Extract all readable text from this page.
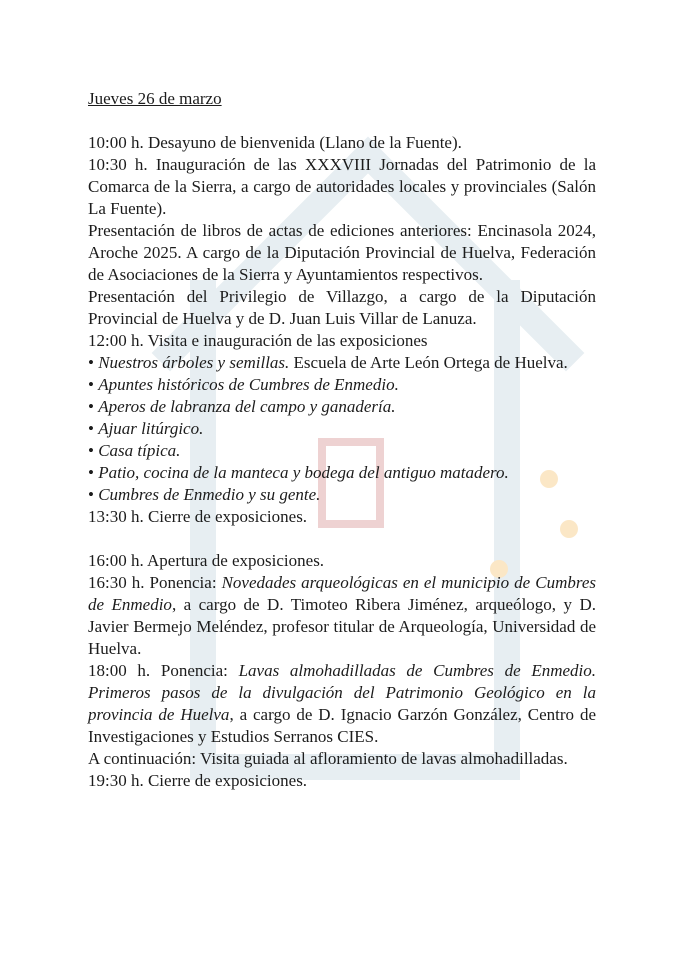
Jueves 26 de marzo
10:00 h. Desayuno de bienvenida (Llano de la Fuente).
10:30 h. Inauguración de las XXXVIII Jornadas del Patrimonio de la Comarca de la Sierra, a cargo de autoridades locales y provinciales (Salón La Fuente).
Presentación de libros de actas de ediciones anteriores: Encinasola 2024, Aroche 2025. A cargo de la Diputación Provincial de Huelva, Federación de Asociaciones de la Sierra y Ayuntamientos respectivos.
Presentación del Privilegio de Villazgo, a cargo de la Diputación Provincial de Huelva y de D. Juan Luis Villar de Lanuza.
12:00 h. Visita e inauguración de las exposiciones
• Nuestros árboles y semillas. Escuela de Arte León Ortega de Huelva.
• Apuntes históricos de Cumbres de Enmedio.
• Aperos de labranza del campo y ganadería.
• Ajuar litúrgico.
• Casa típica.
• Patio, cocina de la manteca y bodega del antiguo matadero.
• Cumbres de Enmedio y su gente.
13:30 h. Cierre de exposiciones.
16:00 h. Apertura de exposiciones.
16:30 h. Ponencia: Novedades arqueológicas en el municipio de Cumbres de Enmedio, a cargo de D. Timoteo Ribera Jiménez, arqueólogo, y D. Javier Bermejo Meléndez, profesor titular de Arqueología, Universidad de Huelva.
18:00 h. Ponencia: Lavas almohadilladas de Cumbres de Enmedio. Primeros pasos de la divulgación del Patrimonio Geológico en la provincia de Huelva, a cargo de D. Ignacio Garzón González, Centro de Investigaciones y Estudios Serranos CIES.
A continuación: Visita guiada al afloramiento de lavas almohadilladas.
19:30 h. Cierre de exposiciones.
